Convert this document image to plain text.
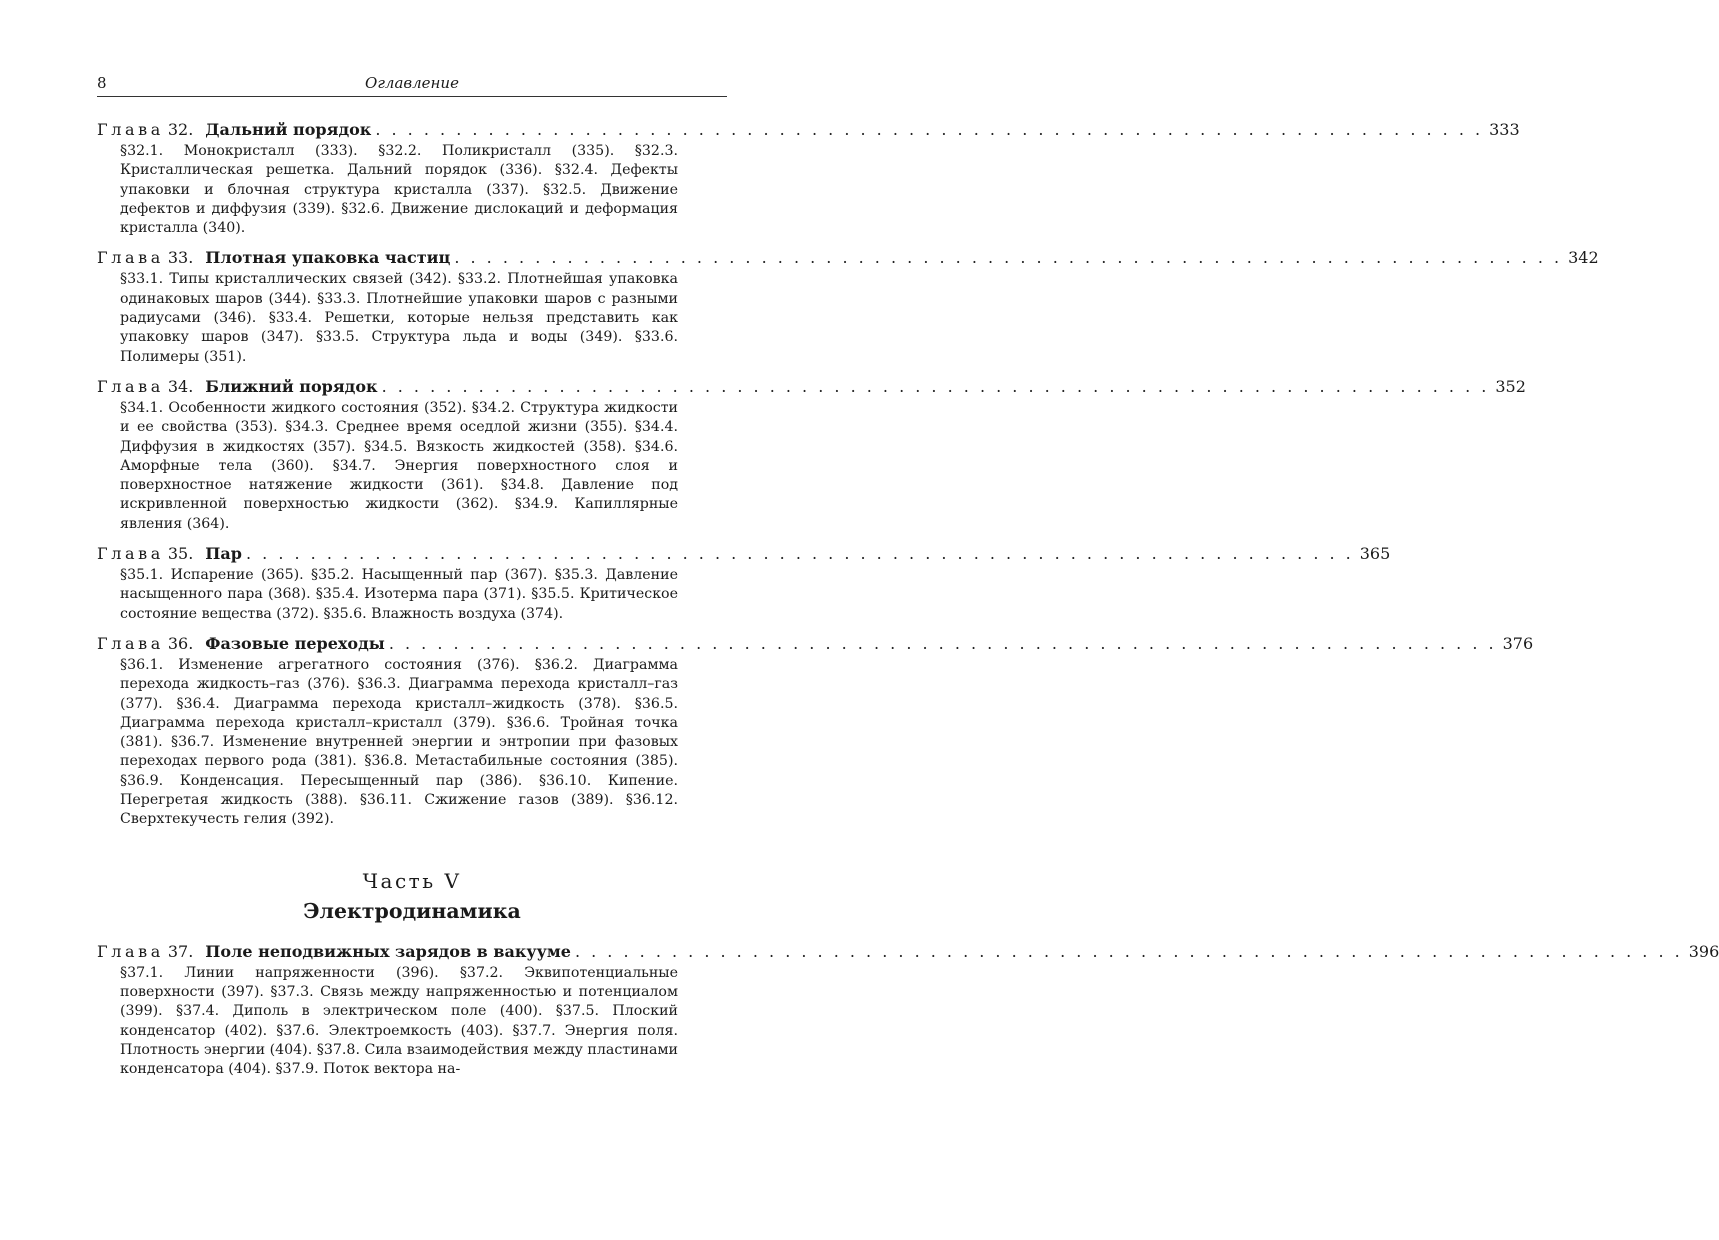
8	Оглавление
Глава 32. Дальний порядок . . . . . . . . . . . . . . . . . . . . . . . . . . . . . . . . . . . . . . . . . . . . . . . . . . . . . . . . . . . . . . . . . . . . . 333
§32.1. Монокристалл (333). §32.2. Поликристалл (335). §32.3. Кристаллическая решетка. Дальний порядок (336). §32.4. Дефекты упаковки и блочная структура кристалла (337). §32.5. Движение дефектов и диффузия (339). §32.6. Движение дислокаций и деформация кристалла (340).
Глава 33. Плотная упаковка частиц . . . . . . . . . . . . . . . . . . . . . . . . . . . . . . . . . . . . . . . . . . . . . . . . . . . . . . . . . . . . . . . . . . . . . 342
§33.1. Типы кристаллических связей (342). §33.2. Плотнейшая упаковка одинаковых шаров (344). §33.3. Плотнейшие упаковки шаров с разными радиусами (346). §33.4. Решетки, которые нельзя представить как упаковку шаров (347). §33.5. Структура льда и воды (349). §33.6. Полимеры (351).
Глава 34. Ближний порядок . . . . . . . . . . . . . . . . . . . . . . . . . . . . . . . . . . . . . . . . . . . . . . . . . . . . . . . . . . . . . . . . . . . . . 352
§34.1. Особенности жидкого состояния (352). §34.2. Структура жидкости и ее свойства (353). §34.3. Среднее время оседлой жизни (355). §34.4. Диффузия в жидкостях (357). §34.5. Вязкость жидкостей (358). §34.6. Аморфные тела (360). §34.7. Энергия поверхностного слоя и поверхностное натяжение жидкости (361). §34.8. Давление под искривленной поверхностью жидкости (362). §34.9. Капиллярные явления (364).
Глава 35. Пар . . . . . . . . . . . . . . . . . . . . . . . . . . . . . . . . . . . . . . . . . . . . . . . . . . . . . . . . . . . . . . . . . . . . . 365
§35.1. Испарение (365). §35.2. Насыщенный пар (367). §35.3. Давление насыщенного пара (368). §35.4. Изотерма пара (371). §35.5. Критическое состояние вещества (372). §35.6. Влажность воздуха (374).
Глава 36. Фазовые переходы . . . . . . . . . . . . . . . . . . . . . . . . . . . . . . . . . . . . . . . . . . . . . . . . . . . . . . . . . . . . . . . . . . . . . 376
§36.1. Изменение агрегатного состояния (376). §36.2. Диаграмма перехода жидкость–газ (376). §36.3. Диаграмма перехода кристалл–газ (377). §36.4. Диаграмма перехода кристалл–жидкость (378). §36.5. Диаграмма перехода кристалл–кристалл (379). §36.6. Тройная точка (381). §36.7. Изменение внутренней энергии и энтропии при фазовых переходах первого рода (381). §36.8. Метастабильные состояния (385). §36.9. Конденсация. Пересыщенный пар (386). §36.10. Кипение. Перегретая жидкость (388). §36.11. Сжижение газов (389). §36.12. Сверхтекучесть гелия (392).
Часть V
Электродинамика
Глава 37. Поле неподвижных зарядов в вакууме . . . . . . . . . . . . . . . . . . . . . . . . . . . . . . . . . . . . . . . . . . . . . . . . . . . . . . . . . . . . . . . . . . . . . 396
§37.1. Линии напряженности (396). §37.2. Эквипотенциальные поверхности (397). §37.3. Связь между напряженностью и потенциалом (399). §37.4. Диполь в электрическом поле (400). §37.5. Плоский конденсатор (402). §37.6. Электроемкость (403). §37.7. Энергия поля. Плотность энергии (404). §37.8. Сила взаимодействия между пластинами конденсатора (404). §37.9. Поток вектора на-
